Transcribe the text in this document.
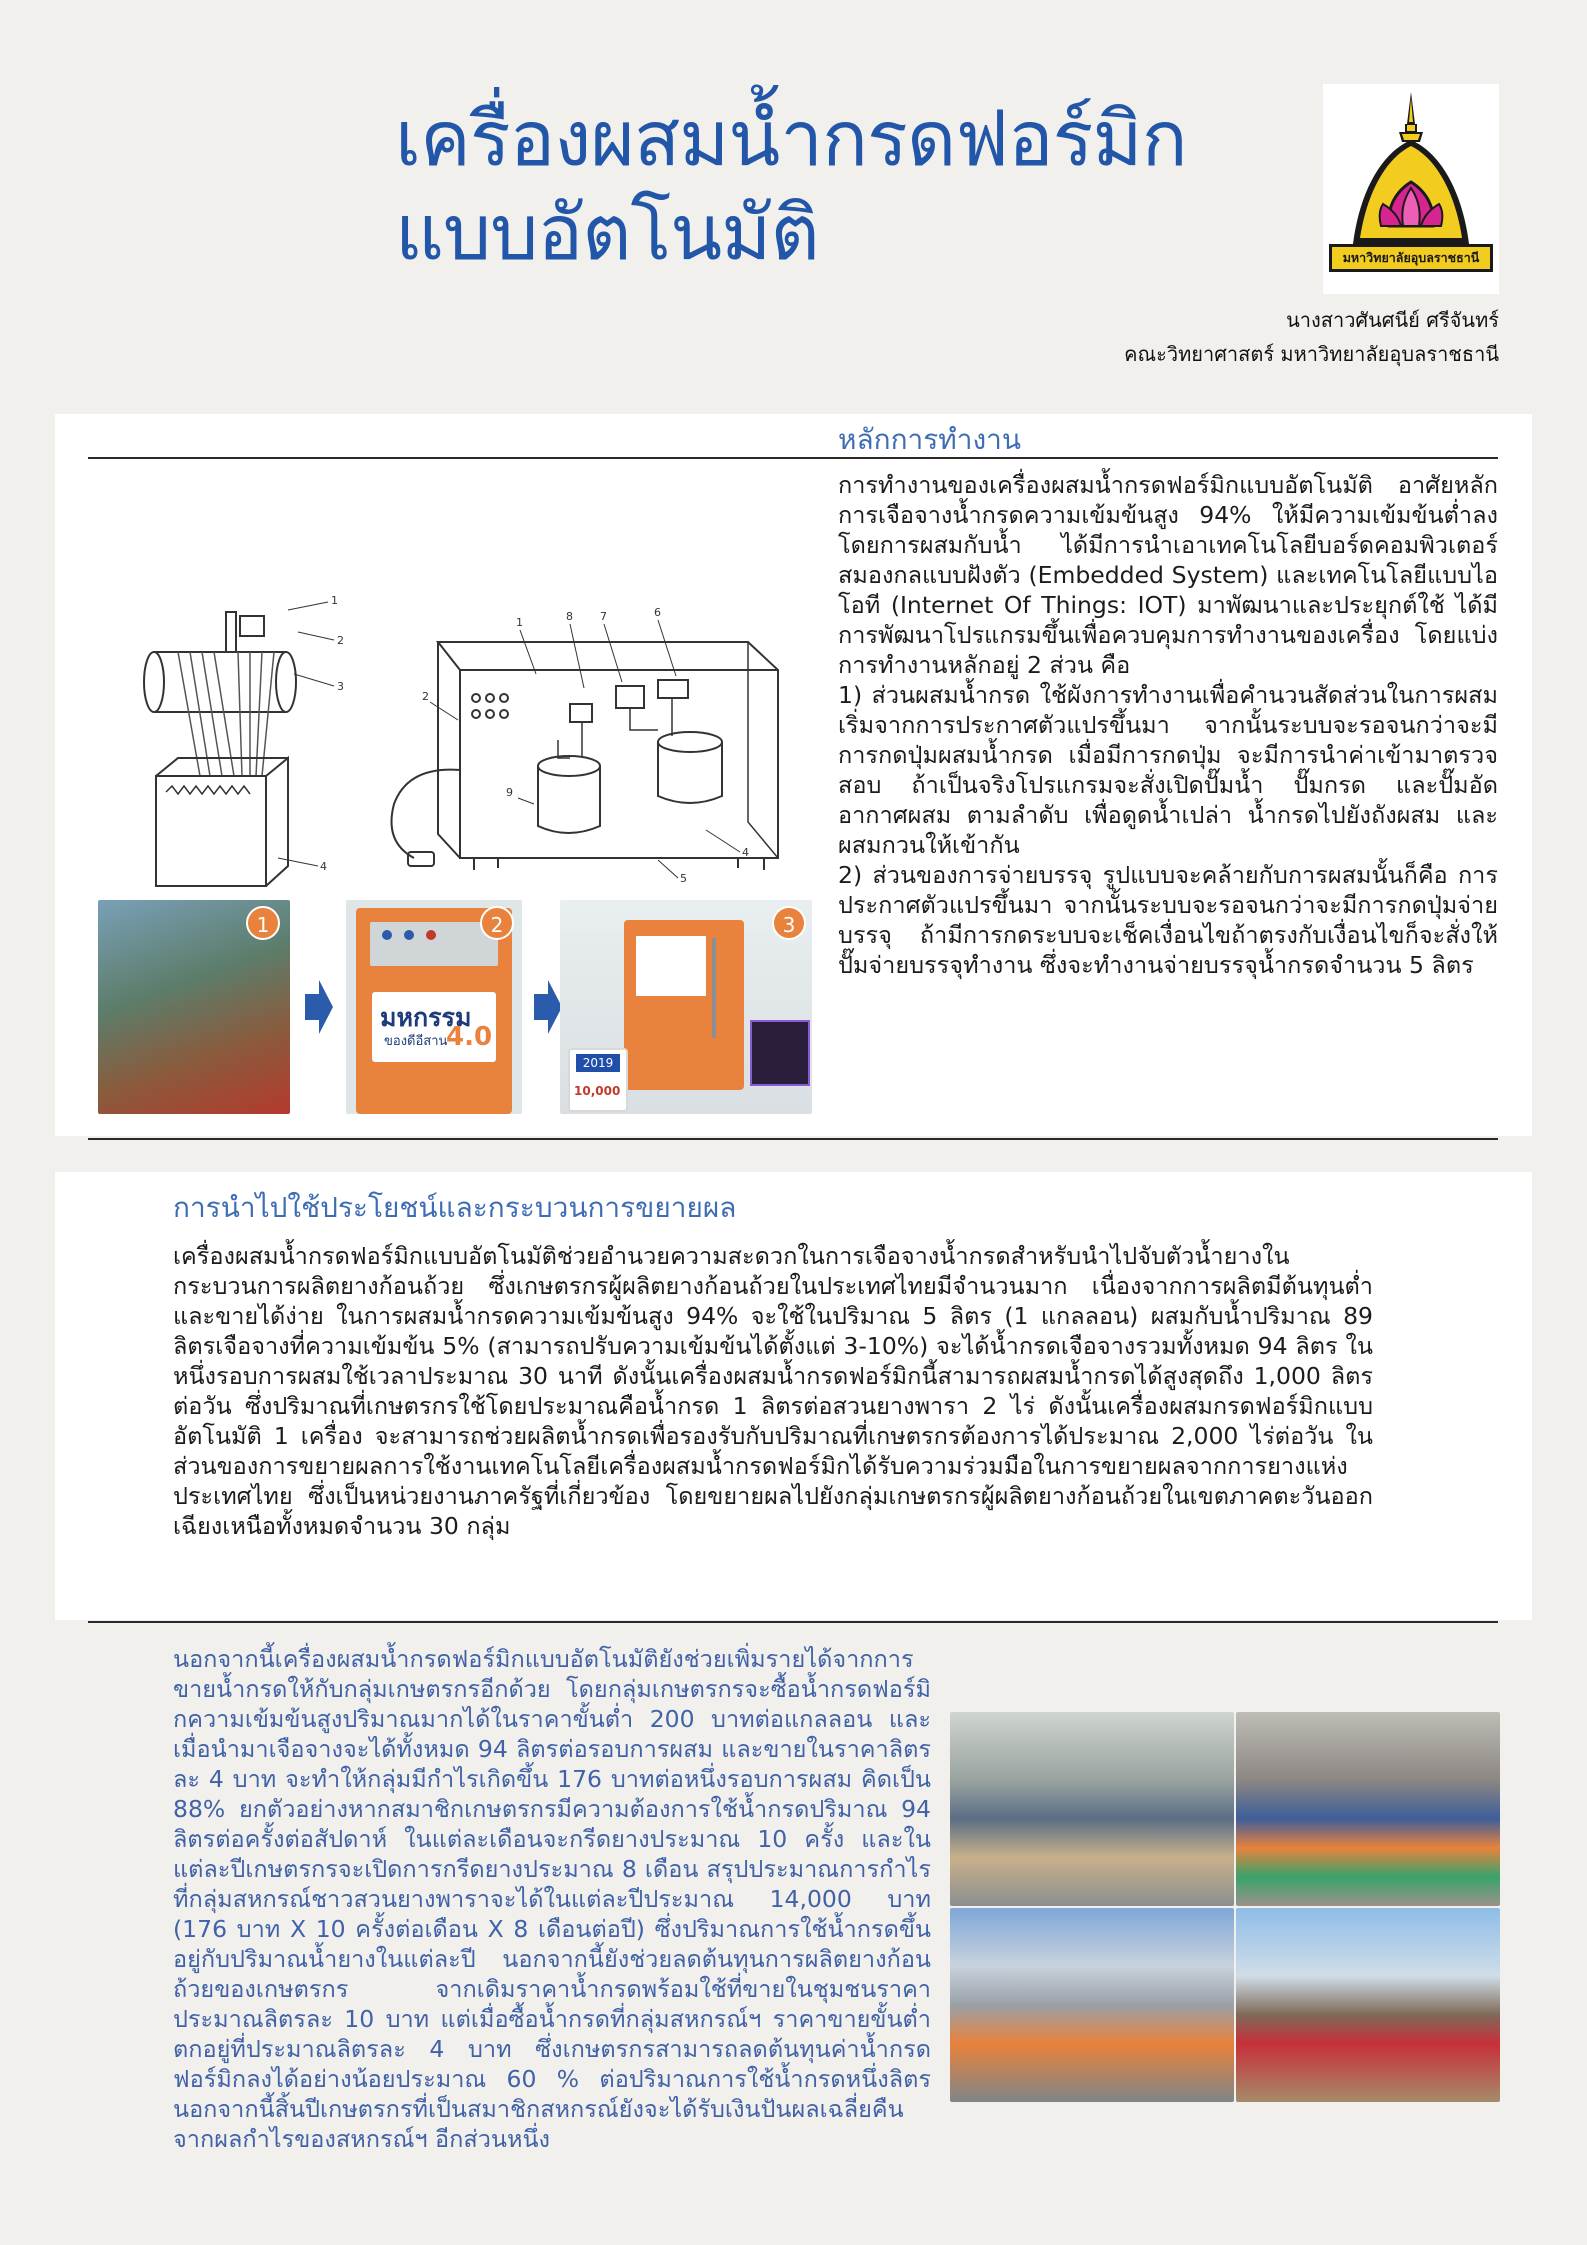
เครื่องผสมน้ำกรดฟอร์มิก
แบบอัตโนมัติ	มหาวิทยาลัยอุบลราชธานี
นางสาวศันศนีย์ ศรีจันทร์
คณะวิทยาศาสตร์ มหาวิทยาลัยอุบลราชธานี
หลักการทำงาน
1
2
3
4
1	8 7	6
2
9
4
5
1
มหกรรม
ของดีอีสาน
4.0
2
2019
10,000
3

การทำงานของเครื่องผสมน้ำกรดฟอร์มิกแบบอัตโนมัติ อาศัยหลักการเจือจางน้ำกรดความเข้มข้นสูง 94% ให้มีความเข้มข้นต่ำลงโดยการผสมกับน้ำ ได้มีการนำเอาเทคโนโลยีบอร์ดคอมพิวเตอร์สมองกลแบบฝังตัว (Embedded System) และเทคโนโลยีแบบไอโอที (Internet Of Things: IOT) มาพัฒนาและประยุกต์ใช้ ได้มีการพัฒนาโปรแกรมขึ้นเพื่อควบคุมการทำงานของเครื่อง โดยแบ่งการทำงานหลักอยู่ 2 ส่วน คือ

1) ส่วนผสมน้ำกรด ใช้ผังการทำงานเพื่อคำนวนสัดส่วนในการผสม เริ่มจากการประกาศตัวแปรขึ้นมา จากนั้นระบบจะรอจนกว่าจะมีการกดปุ่มผสมน้ำกรด เมื่อมีการกดปุ่ม จะมีการนำค่าเข้ามาตรวจสอบ ถ้าเป็นจริงโปรแกรมจะสั่งเปิดปั๊มน้ำ ปั๊มกรด และปั๊มอัดอากาศผสม ตามลำดับ เพื่อดูดน้ำเปล่า น้ำกรดไปยังถังผสม และผสมกวนให้เข้ากัน

2) ส่วนของการจ่ายบรรจุ รูปแบบจะคล้ายกับการผสมนั้นก็คือ การประกาศตัวแปรขึ้นมา จากนั้นระบบจะรอจนกว่าจะมีการกดปุ่มจ่ายบรรจุ ถ้ามีการกดระบบจะเช็คเงื่อนไขถ้าตรงกับเงื่อนไขก็จะสั่งให้ปั๊มจ่ายบรรจุทำงาน ซึ่งจะทำงานจ่ายบรรจุน้ำกรดจำนวน 5 ลิตร

การนำไปใช้ประโยชน์และกระบวนการขยายผล
เครื่องผสมน้ำกรดฟอร์มิกแบบอัตโนมัติช่วยอำนวยความสะดวกในการเจือจางน้ำกรดสำหรับนำไปจับตัวน้ำยางในกระบวนการผลิตยางก้อนถ้วย ซึ่งเกษตรกรผู้ผลิตยางก้อนถ้วยในประเทศไทยมีจำนวนมาก เนื่องจากการผลิตมีต้นทุนต่ำและขายได้ง่าย ในการผสมน้ำกรดความเข้มข้นสูง 94% จะใช้ในปริมาณ 5 ลิตร (1 แกลลอน) ผสมกับน้ำปริมาณ 89 ลิตรเจือจางที่ความเข้มข้น 5% (สามารถปรับความเข้มข้นได้ตั้งแต่ 3-10%) จะได้น้ำกรดเจือจางรวมทั้งหมด 94 ลิตร ในหนึ่งรอบการผสมใช้เวลาประมาณ 30 นาที ดังนั้นเครื่องผสมน้ำกรดฟอร์มิกนี้สามารถผสมน้ำกรดได้สูงสุดถึง 1,000 ลิตรต่อวัน ซึ่งปริมาณที่เกษตรกรใช้โดยประมาณคือน้ำกรด 1 ลิตรต่อสวนยางพารา 2 ไร่ ดังนั้นเครื่องผสมกรดฟอร์มิกแบบอัตโนมัติ 1 เครื่อง จะสามารถช่วยผลิตน้ำกรดเพื่อรองรับกับปริมาณที่เกษตรกรต้องการได้ประมาณ 2,000 ไร่ต่อวัน ในส่วนของการขยายผลการใช้งานเทคโนโลยีเครื่องผสมน้ำกรดฟอร์มิกได้รับความร่วมมือในการขยายผลจากการยางแห่งประเทศไทย ซึ่งเป็นหน่วยงานภาครัฐที่เกี่ยวข้อง โดยขยายผลไปยังกลุ่มเกษตรกรผู้ผลิตยางก้อนถ้วยในเขตภาคตะวันออกเฉียงเหนือทั้งหมดจำนวน 30 กลุ่ม
นอกจากนี้เครื่องผสมน้ำกรดฟอร์มิกแบบอัตโนมัติยังช่วยเพิ่มรายได้จากการขายน้ำกรดให้กับกลุ่มเกษตรกรอีกด้วย โดยกลุ่มเกษตรกรจะซื้อน้ำกรดฟอร์มิกความเข้มข้นสูงปริมาณมากได้ในราคาขั้นต่ำ 200 บาทต่อแกลลอน และเมื่อนำมาเจือจางจะได้ทั้งหมด 94 ลิตรต่อรอบการผสม และขายในราคาลิตรละ 4 บาท จะทำให้กลุ่มมีกำไรเกิดขึ้น 176 บาทต่อหนึ่งรอบการผสม คิดเป็น 88% ยกตัวอย่างหากสมาชิกเกษตรกรมีความต้องการใช้น้ำกรดปริมาณ 94 ลิตรต่อครั้งต่อสัปดาห์ ในแต่ละเดือนจะกรีดยางประมาณ 10 ครั้ง และในแต่ละปีเกษตรกรจะเปิดการกรีดยางประมาณ 8 เดือน สรุปประมาณการกำไรที่กลุ่มสหกรณ์ชาวสวนยางพาราจะได้ในแต่ละปีประมาณ 14,000 บาท (176 บาท X 10 ครั้งต่อเดือน X 8 เดือนต่อปี) ซึ่งปริมาณการใช้น้ำกรดขึ้นอยู่กับปริมาณน้ำยางในแต่ละปี นอกจากนี้ยังช่วยลดต้นทุนการผลิตยางก้อนถ้วยของเกษตรกร จากเดิมราคาน้ำกรดพร้อมใช้ที่ขายในชุมชนราคาประมาณลิตรละ 10 บาท แต่เมื่อซื้อน้ำกรดที่กลุ่มสหกรณ์ฯ ราคาขายขั้นต่ำตกอยู่ที่ประมาณลิตรละ 4 บาท ซึ่งเกษตรกรสามารถลดต้นทุนค่าน้ำกรดฟอร์มิกลงได้อย่างน้อยประมาณ 60 % ต่อปริมาณการใช้น้ำกรดหนึ่งลิตร นอกจากนี้สิ้นปีเกษตรกรที่เป็นสมาชิกสหกรณ์ยังจะได้รับเงินปันผลเฉลี่ยคืนจากผลกำไรของสหกรณ์ฯ อีกส่วนหนึ่ง
